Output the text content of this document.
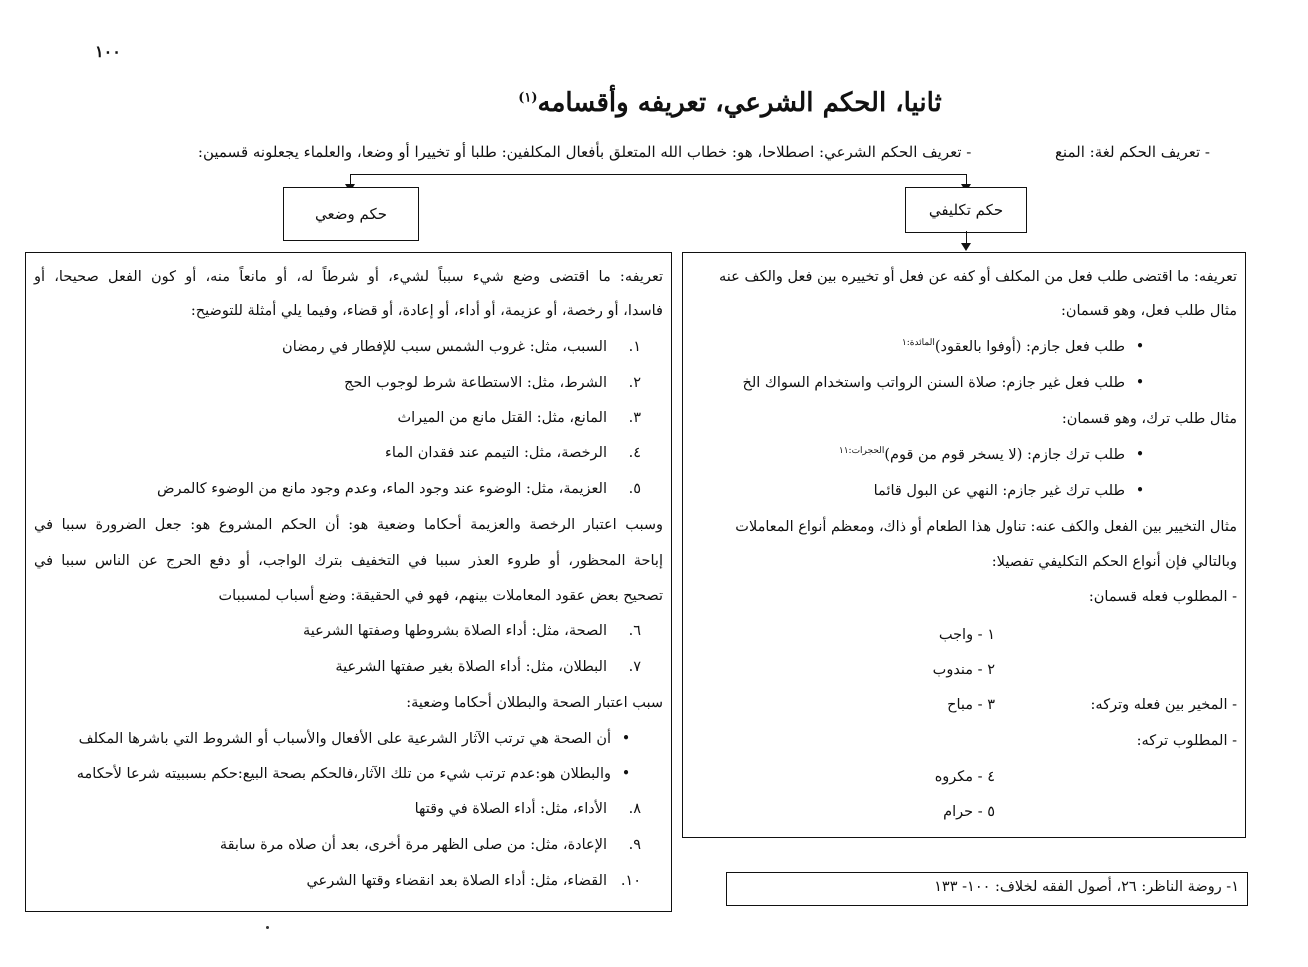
١٠٠
ثانيا، الحكم الشرعي، تعريفه وأقسامه$^{(١)}$
- تعريف الحكم لغة: المنع  - تعريف الحكم الشرعي: اصطلاحا، هو: خطاب الله المتعلق بأفعال المكلفين: طلبا أو تخييرا أو وضعا، والعلماء يجعلونه قسمين:
حكم تكليفي
حكم وضعي
تعريفه: ما اقتضى طلب فعل من المكلف أو كفه عن فعل أو تخييره بين فعل والكف عنه
مثال طلب فعل، وهو قسمان:
•طلب فعل جازم: (أوفوا بالعقود)$^{المائدة:١}$
•طلب فعل غير جازم: صلاة السنن الرواتب واستخدام السواك الخ
مثال طلب ترك، وهو قسمان:
•طلب ترك جازم: (لا يسخر قوم من قوم)$^{الحجرات:١١}$
•طلب ترك غير جازم: النهي عن البول قائما
مثال التخيير بين الفعل والكف عنه: تناول هذا الطعام أو ذاك، ومعظم أنواع المعاملات
وبالتالي فإن أنواع الحكم التكليفي تفصيلا:
- المطلوب فعله قسمان:
١ - واجب
٢ - مندوب
- المخير بين فعله وتركه:
٣ - مباح
- المطلوب تركه:
٤ - مكروه
٥ - حرام
تعريفه: ما اقتضى وضع شيء سبباً لشيء، أو شرطاً له، أو مانعاً منه، أو كون الفعل صحيحا، أو
فاسدا، أو رخصة، أو عزيمة، أو أداء، أو إعادة، أو قضاء، وفيما يلي أمثلة للتوضيح:
١.السبب، مثل: غروب الشمس سبب للإفطار في رمضان
٢.الشرط، مثل: الاستطاعة شرط لوجوب الحج
٣.المانع، مثل: القتل مانع من الميراث
٤.الرخصة، مثل: التيمم عند فقدان الماء
٥.العزيمة، مثل: الوضوء عند وجود الماء، وعدم وجود مانع من الوضوء كالمرض
وسبب اعتبار الرخصة والعزيمة أحكاما وضعية هو: أن الحكم المشروع هو: جعل الضرورة سببا في
إباحة المحظور، أو طروء العذر سببا في التخفيف بترك الواجب، أو دفع الحرج عن الناس سببا في
تصحيح بعض عقود المعاملات بينهم، فهو في الحقيقة: وضع أسباب لمسببات
٦.الصحة، مثل: أداء الصلاة بشروطها وصفتها الشرعية
٧.البطلان، مثل: أداء الصلاة بغير صفتها الشرعية
سبب اعتبار الصحة والبطلان أحكاما وضعية:
•أن الصحة هي ترتب الآثار الشرعية على الأفعال والأسباب أو الشروط التي باشرها المكلف
•والبطلان هو:عدم ترتب شيء من تلك الآثار،فالحكم بصحة البيع:حكم بسببيته شرعا لأحكامه
٨.الأداء، مثل: أداء الصلاة في وقتها
٩.الإعادة، مثل: من صلى الظهر مرة أخرى، بعد أن صلاه مرة سابقة
١٠.القضاء، مثل: أداء الصلاة بعد انقضاء وقتها الشرعي	١- روضة الناظر: ٢٦، أصول الفقه لخلاف: ١٠٠- ١٣٣
